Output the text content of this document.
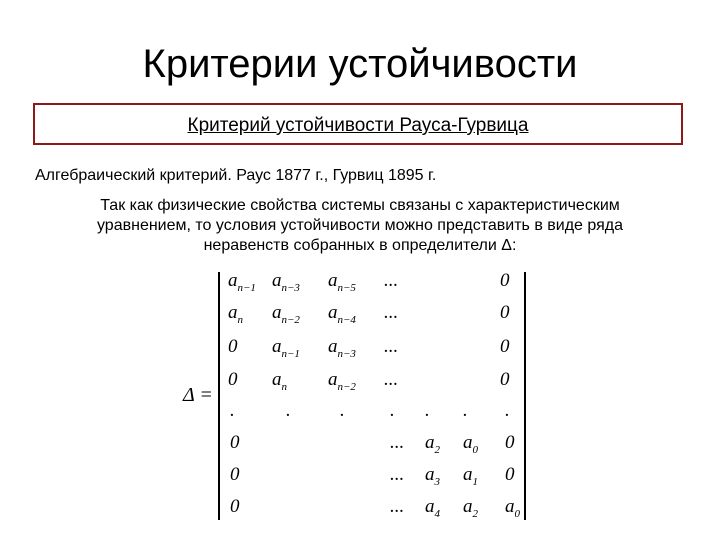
Критерии устойчивости
Критерий устойчивости Рауса-Гурвица
Алгебраический критерий. Раус 1877 г., Гурвиц 1895 г.
Так как физические свойства системы связаны с характеристическим
уравнением, то условия устойчивости можно представить в виде ряда
неравенств собранных в определители Δ:
Δ =
$a_{n-1}$ $a_{n-3}$ $a_{n-5}$ ...	0
$a_n$ $a_{n-2}$ $a_{n-4}$ ...	0
0 $a_{n-1}$ $a_{n-3}$ ...	0
0 $a_n$ $a_{n-2}$ ...	0
.	.	. . . . .
0	... $a_2$ $a_0$ 0
0	... $a_3$ $a_1$ 0
0	... $a_4$ $a_2$ $a_0$
